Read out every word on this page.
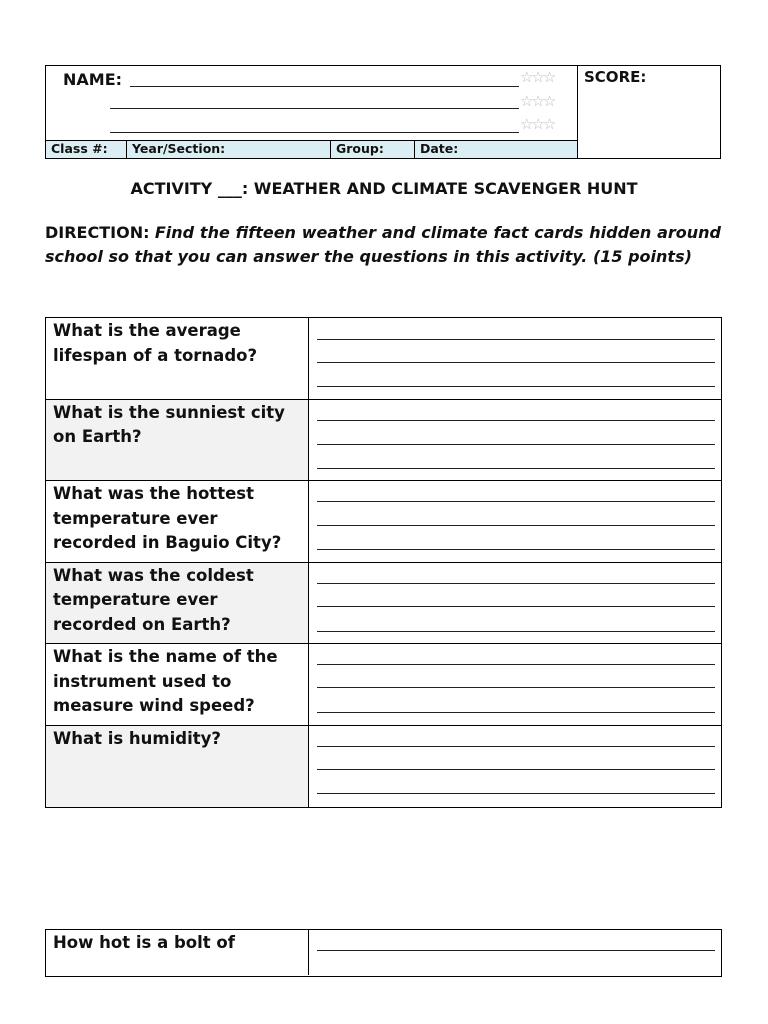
NAME:	☆☆☆
☆☆☆
☆☆☆
Class #:	Year/Section:	Group:	Date:
SCORE:
ACTIVITY ___: WEATHER AND CLIMATE SCAVENGER HUNT
DIRECTION: Find the fifteen weather and climate fact cards hidden around school so that you can answer the questions in this activity. (15 points)
What is the average lifespan of a tornado?
What is the sunniest city on Earth?
What was the hottest temperature ever recorded in Baguio City?
What was the coldest temperature ever recorded on Earth?
What is the name of the instrument used to measure wind speed?
What is humidity?
How hot is a bolt of
